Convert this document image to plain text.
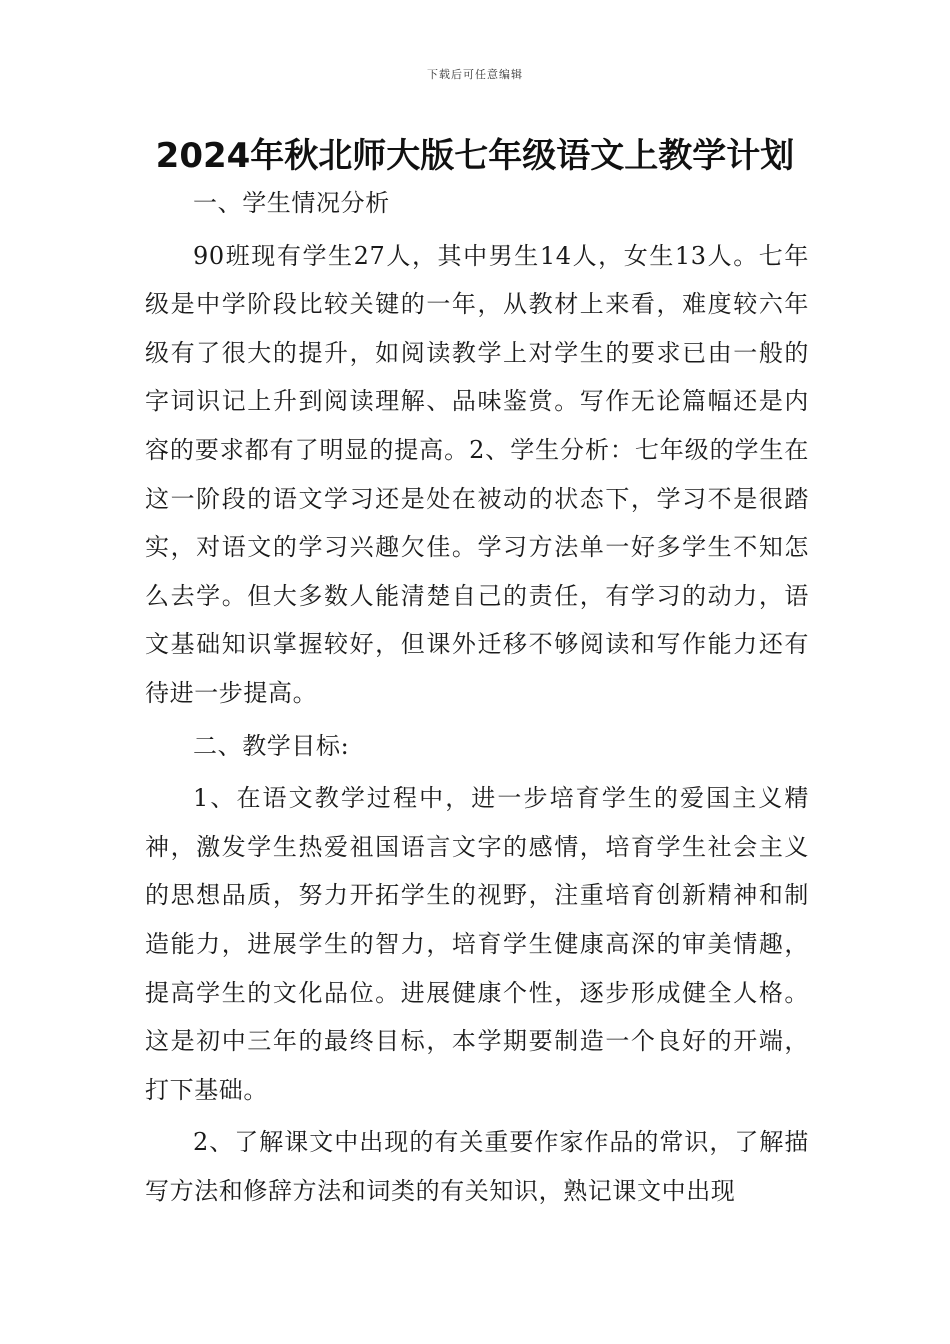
下载后可任意编辑
2024年秋北师大版七年级语文上教学计划

一、学生情况分析

90班现有学生27人，其中男生14人，女生13人。七年级是中学阶段比较关键的一年，从教材上来看，难度较六年级有了很大的提升，如阅读教学上对学生的要求已由一般的字词识记上升到阅读理解、品味鉴赏。写作无论篇幅还是内容的要求都有了明显的提高。2、学生分析：七年级的学生在这一阶段的语文学习还是处在被动的状态下，学习不是很踏实，对语文的学习兴趣欠佳。学习方法单一好多学生不知怎么去学。但大多数人能清楚自己的责任，有学习的动力，语文基础知识掌握较好，但课外迁移不够阅读和写作能力还有待进一步提高。

二、教学目标:

1、在语文教学过程中，进一步培育学生的爱国主义精神，激发学生热爱祖国语言文字的感情，培育学生社会主义的思想品质，努力开拓学生的视野，注重培育创新精神和制造能力，进展学生的智力，培育学生健康高深的审美情趣，提高学生的文化品位。进展健康个性，逐步形成健全人格。这是初中三年的最终目标，本学期要制造一个良好的开端，打下基础。

2、了解课文中出现的有关重要作家作品的常识，了解描写方法和修辞方法和词类的有关知识，熟记课文中出现
